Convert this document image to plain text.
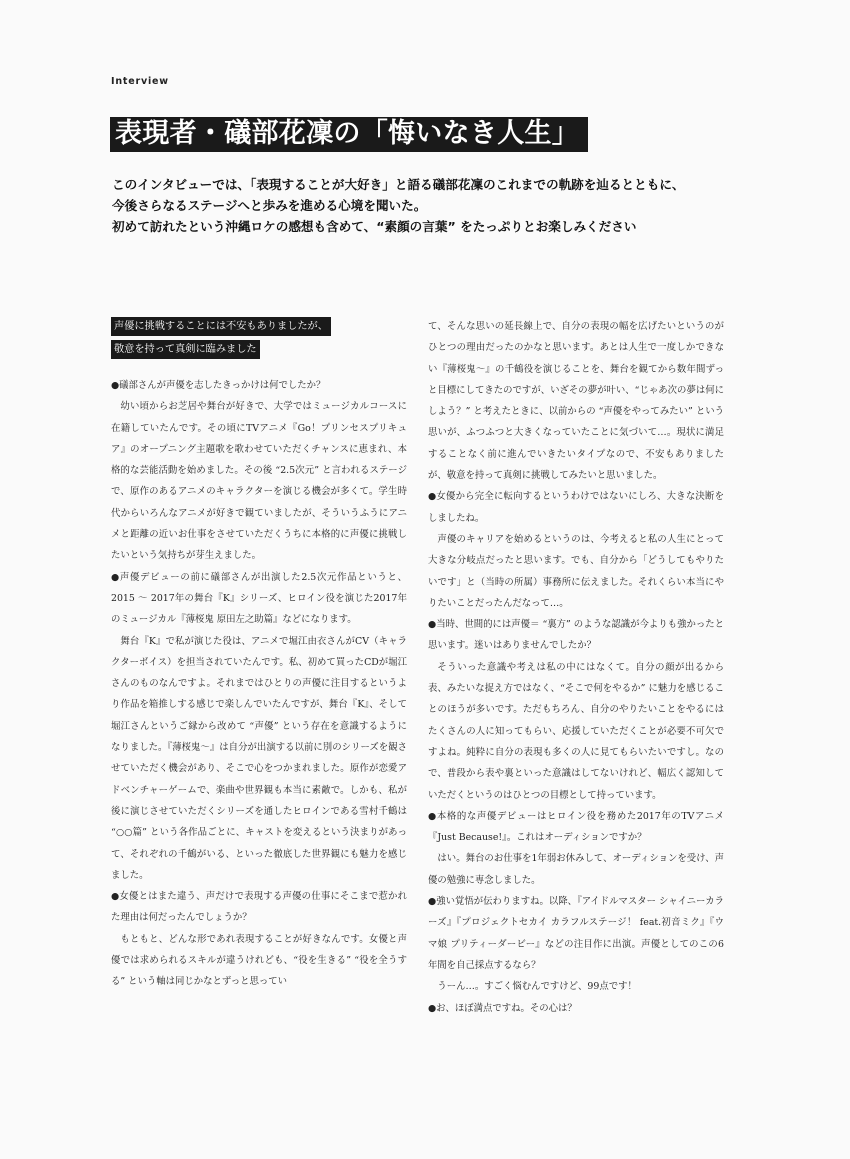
Interview
表現者・礒部花凜の「悔いなき人生」

このインタビューでは、「表現することが大好き」と語る礒部花凜のこれまでの軌跡を辿るとともに、

今後さらなるステージへと歩みを進める心境を聞いた。

初めて訪れたという沖縄ロケの感想も含めて、“素顔の言葉” をたっぷりとお楽しみください

声優に挑戦することには不安もありましたが、
敬意を持って真剣に臨みました

●礒部さんが声優を志したきっかけは何でしたか？

幼い頃からお芝居や舞台が好きで、大学ではミュージカルコースに在籍していたんです。その頃にTVアニメ『Go！プリンセスプリキュア』のオープニング主題歌を歌わせていただくチャンスに恵まれ、本格的な芸能活動を始めました。その後 “2.5次元” と言われるステージで、原作のあるアニメのキャラクターを演じる機会が多くて。学生時代からいろんなアニメが好きで観ていましたが、そういうふうにアニメと距離の近いお仕事をさせていただくうちに本格的に声優に挑戦したいという気持ちが芽生えました。

●声優デビューの前に礒部さんが出演した2.5次元作品というと、2015 ～ 2017年の舞台『K』シリーズ、ヒロイン役を演じた2017年のミュージカル『薄桜鬼 原田左之助篇』などになります。

舞台『K』で私が演じた役は、アニメで堀江由衣さんがCV（キャラクターボイス）を担当されていたんです。私、初めて買ったCDが堀江さんのものなんですよ。それまではひとりの声優に注目するというより作品を箱推しする感じで楽しんでいたんですが、舞台『K』、そして堀江さんというご縁から改めて “声優” という存在を意識するようになりました。『薄桜鬼～』は自分が出演する以前に別のシリーズを観させていただく機会があり、そこで心をつかまれました。原作が恋愛アドベンチャーゲームで、楽曲や世界観も本当に素敵で。しかも、私が後に演じさせていただくシリーズを通したヒロインである雪村千鶴は “○○篇” という各作品ごとに、キャストを変えるという決まりがあって、それぞれの千鶴がいる、といった徹底した世界観にも魅力を感じました。

●女優とはまた違う、声だけで表現する声優の仕事にそこまで惹かれた理由は何だったんでしょうか？

もともと、どんな形であれ表現することが好きなんです。女優と声優では求められるスキルが違うけれども、“役を生きる” “役を全うする” という軸は同じかなとずっと思ってい

て、そんな思いの延長線上で、自分の表現の幅を広げたいというのがひとつの理由だったのかなと思います。あとは人生で一度しかできない『薄桜鬼～』の千鶴役を演じることを、舞台を観てから数年間ずっと目標にしてきたのですが、いざその夢が叶い、“じゃあ次の夢は何にしよう？” と考えたときに、以前からの “声優をやってみたい” という思いが、ふつふつと大きくなっていたことに気づいて…。現状に満足することなく前に進んでいきたいタイプなので、不安もありましたが、敬意を持って真剣に挑戦してみたいと思いました。

●女優から完全に転向するというわけではないにしろ、大きな決断をしましたね。

声優のキャリアを始めるというのは、今考えると私の人生にとって大きな分岐点だったと思います。でも、自分から「どうしてもやりたいです」と（当時の所属）事務所に伝えました。それくらい本当にやりたいことだったんだなって…。

●当時、世間的には声優＝ “裏方” のような認識が今よりも強かったと思います。迷いはありませんでしたか？

そういった意識や考えは私の中にはなくて。自分の顔が出るから表、みたいな捉え方ではなく、“そこで何をやるか” に魅力を感じることのほうが多いです。ただもちろん、自分のやりたいことをやるにはたくさんの人に知ってもらい、応援していただくことが必要不可欠ですよね。純粋に自分の表現も多くの人に見てもらいたいですし。なので、普段から表や裏といった意識はしてないけれど、幅広く認知していただくというのはひとつの目標として持っています。

●本格的な声優デビューはヒロイン役を務めた2017年のTVアニメ『Just Because!』。これはオーディションですか？

はい。舞台のお仕事を1年弱お休みして、オーディションを受け、声優の勉強に専念しました。

●強い覚悟が伝わりますね。以降、『アイドルマスター シャイニーカラーズ』『プロジェクトセカイ カラフルステージ！ feat.初音ミク』『ウマ娘 プリティーダービー』などの注目作に出演。声優としてのこの6年間を自己採点するなら？

うーん…。すごく悩むんですけど、99点です！

●お、ほぼ満点ですね。その心は？
